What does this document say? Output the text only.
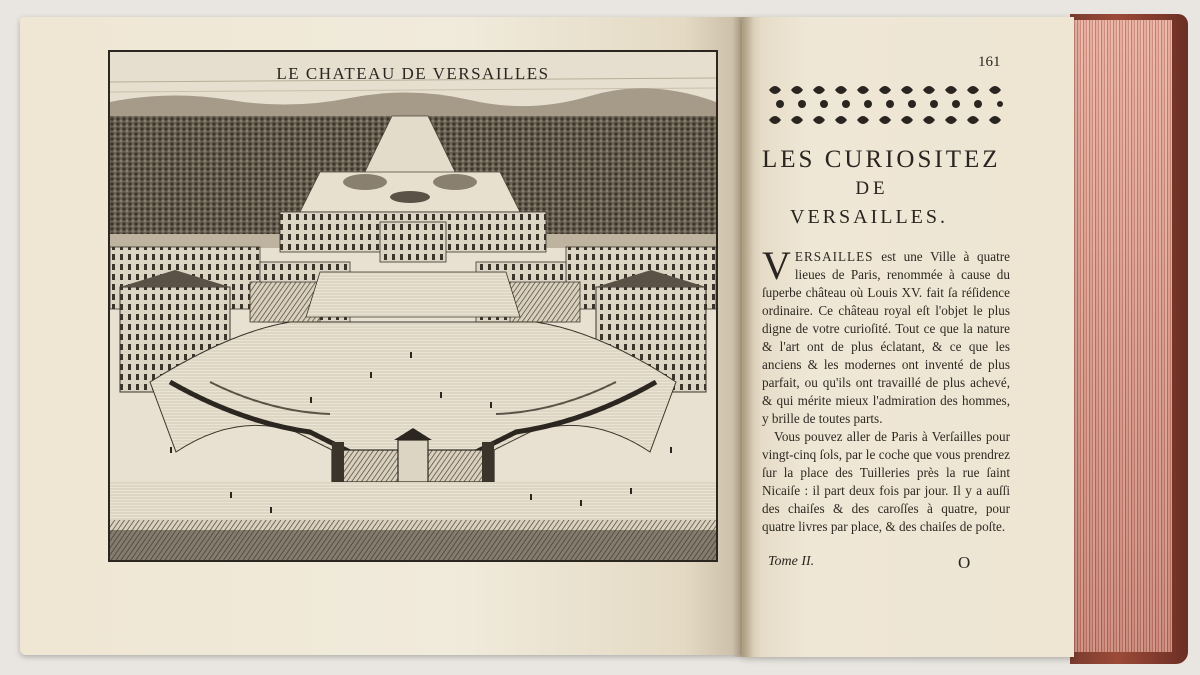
LE CHATEAU DE VERSAILLES
161
LES CURIOSITEZ
DE
VERSAILLES.

VERSAILLES est une Ville à quatre lieues de Paris, renommée à cause du ſuperbe château où Louis XV. fait ſa réſidence ordinaire. Ce château royal eſt l'objet le plus digne de votre curioſité. Tout ce que la nature & l'art ont de plus éclatant, & ce que les anciens & les modernes ont inventé de plus parfait, ou qu'ils ont travaillé de plus achevé, & qui mérite mieux l'admiration des hommes, y brille de toutes parts.

Vous pouvez aller de Paris à Verſailles pour vingt-cinq ſols, par le coche que vous prendrez ſur la place des Tuilleries près la rue ſaint Nicaiſe : il part deux fois par jour. Il y a auſſi des chaiſes & des caroſſes à quatre, pour quatre livres par place, & des chaiſes de poſte.

Tome II.	O
